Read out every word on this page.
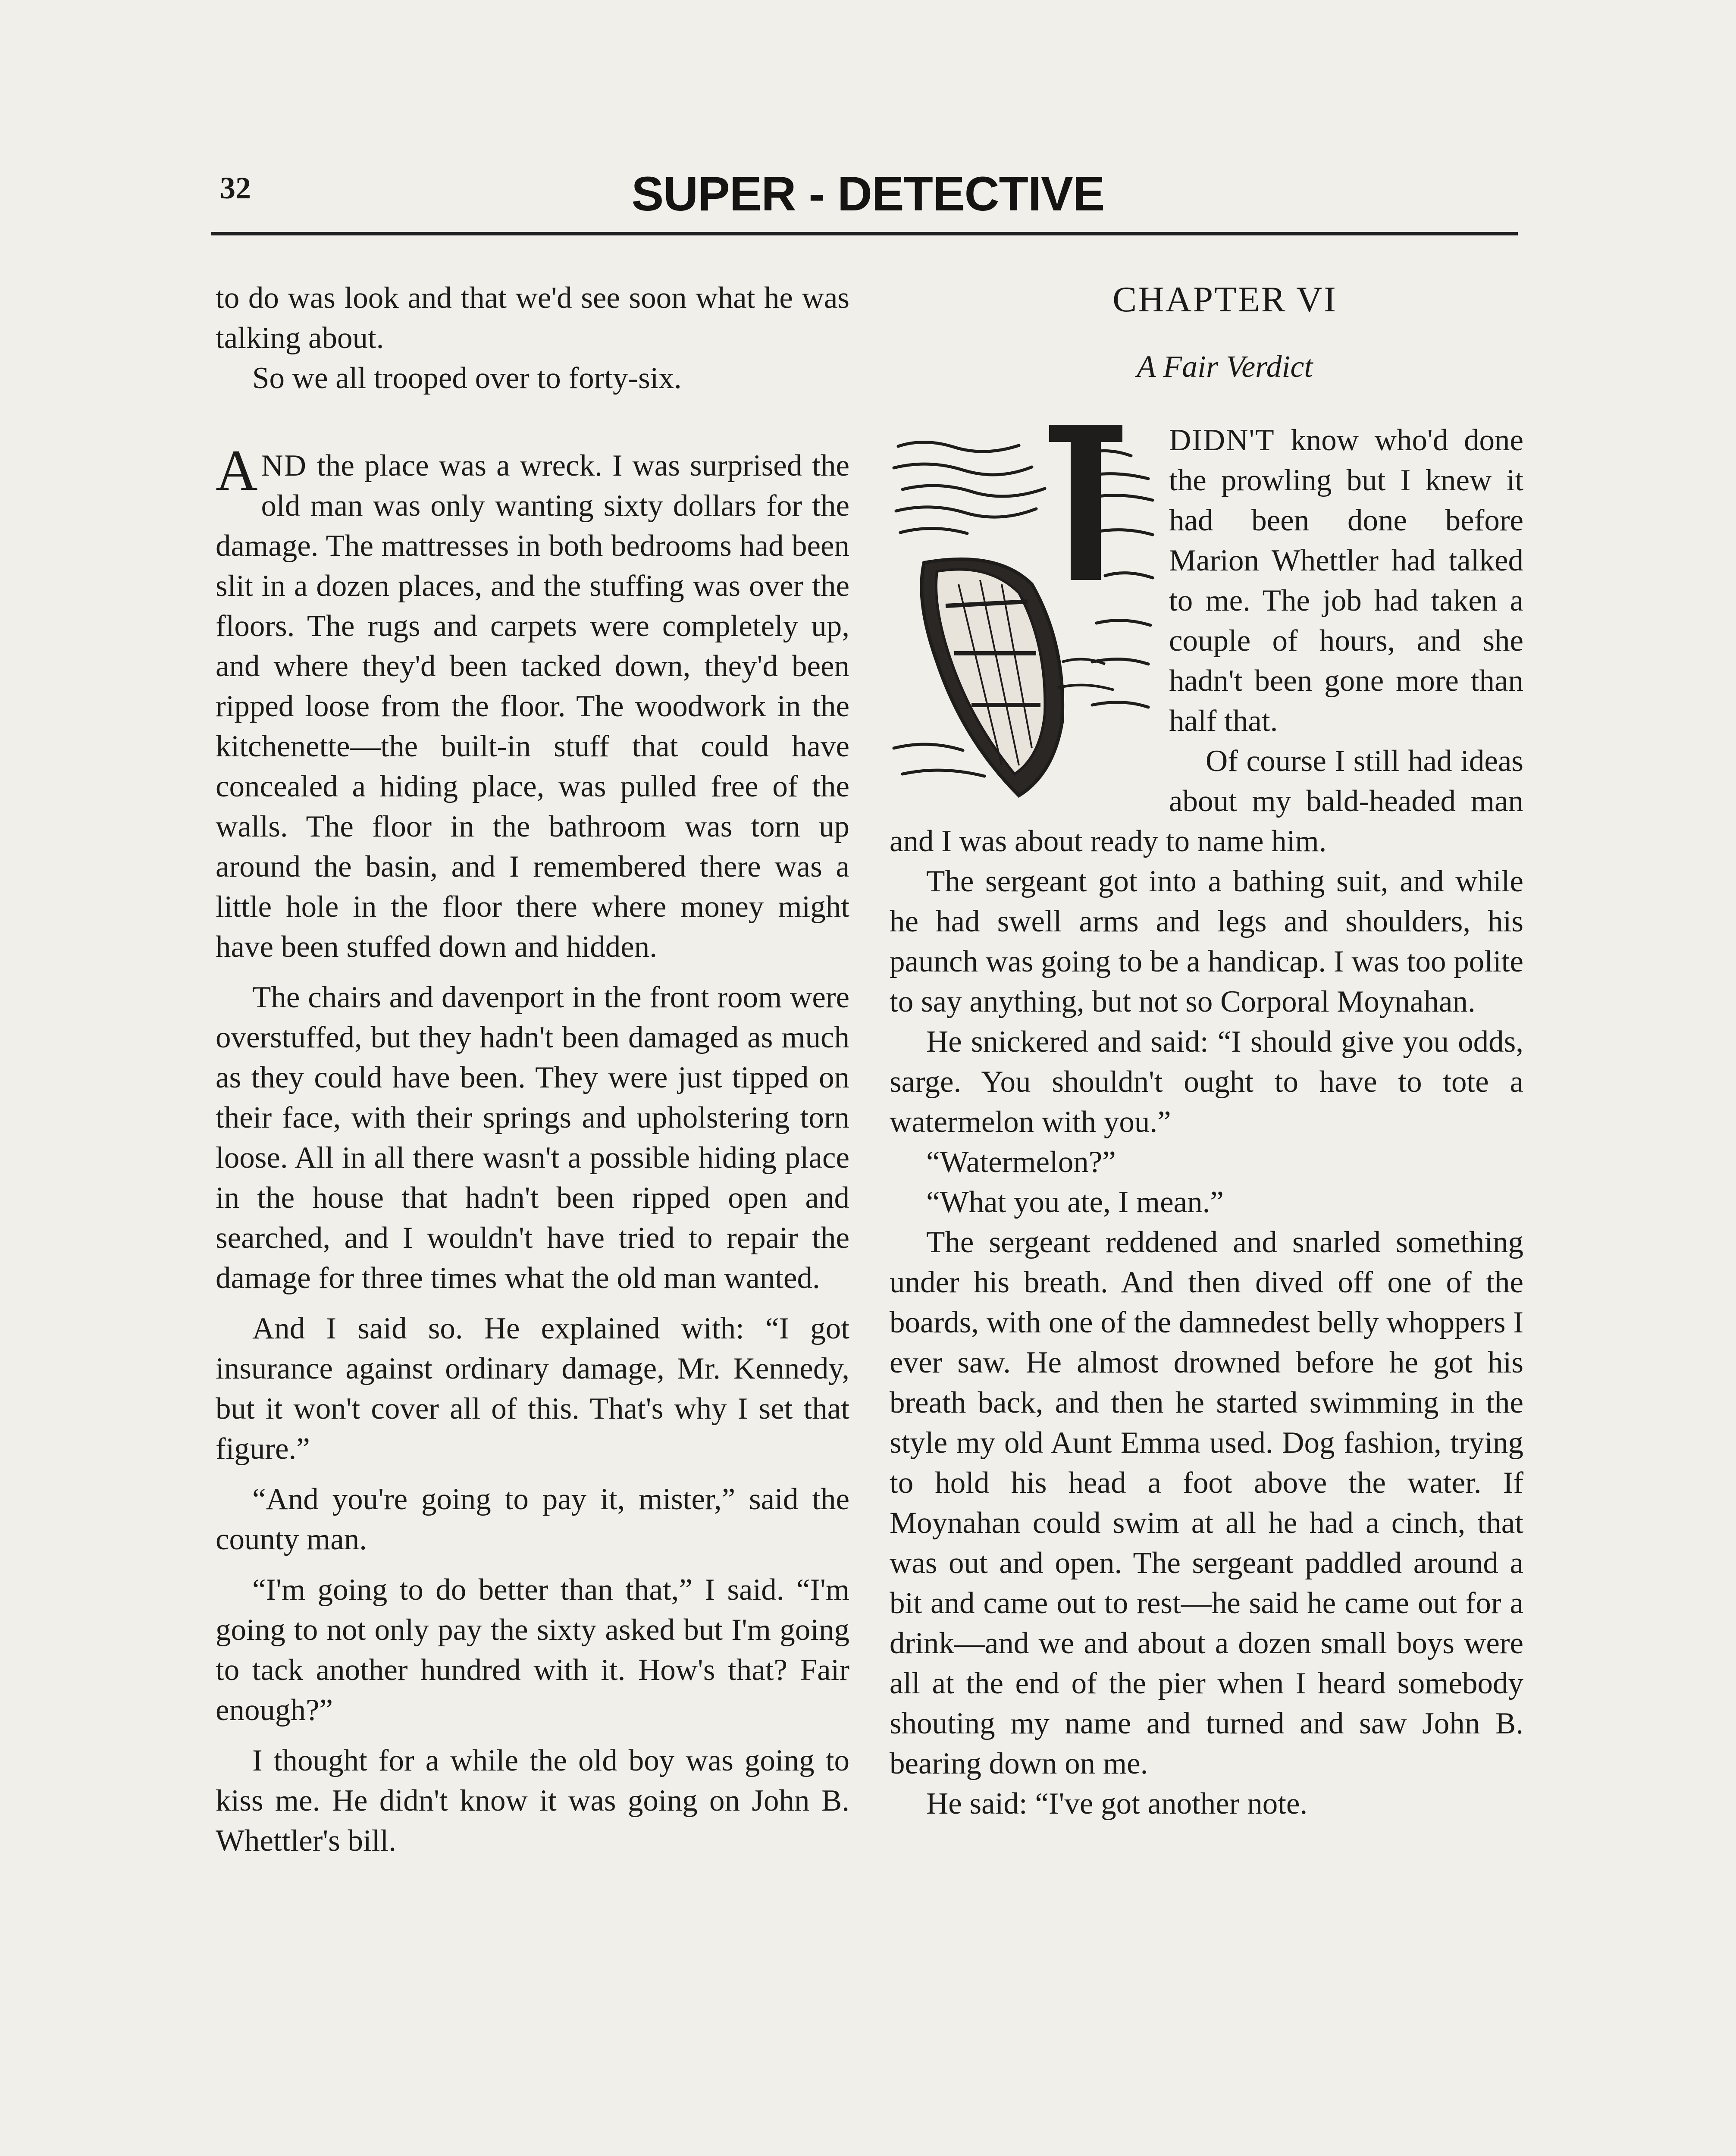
32	SUPER - DETECTIVE

to do was look and that we'd see soon what he was talking about.

So we all trooped over to forty-six.

AND the place was a wreck. I was surprised the old man was only wanting sixty dollars for the damage. The mattresses in both bedrooms had been slit in a dozen places, and the stuffing was over the floors. The rugs and carpets were completely up, and where they'd been tacked down, they'd been ripped loose from the floor. The woodwork in the kitchenette—the built-in stuff that could have concealed a hiding place, was pulled free of the walls. The floor in the bathroom was torn up around the basin, and I remembered there was a little hole in the floor there where money might have been stuffed down and hidden.

The chairs and davenport in the front room were overstuffed, but they hadn't been damaged as much as they could have been. They were just tipped on their face, with their springs and upholstering torn loose. All in all there wasn't a possible hiding place in the house that hadn't been ripped open and searched, and I wouldn't have tried to repair the damage for three times what the old man wanted.

And I said so. He explained with: “I got insurance against ordinary damage, Mr. Kennedy, but it won't cover all of this. That's why I set that figure.”

“And you're going to pay it, mister,” said the county man.

“I'm going to do better than that,” I said. “I'm going to not only pay the sixty asked but I'm going to tack another hundred with it. How's that? Fair enough?”

I thought for a while the old boy was going to kiss me. He didn't know it was going on John B. Whettler's bill.

CHAPTER VI

A Fair Verdict

DIDN'T know who'd done the prowling but I knew it had been done before Marion Whettler had talked to me. The job had taken a couple of hours, and she hadn't been gone more than half that.

Of course I still had ideas about my bald-headed man and I was about ready to name him.

The sergeant got into a bathing suit, and while he had swell arms and legs and shoulders, his paunch was going to be a handicap. I was too polite to say anything, but not so Corporal Moynahan.

He snickered and said: “I should give you odds, sarge. You shouldn't ought to have to tote a watermelon with you.”

“Watermelon?”

“What you ate, I mean.”

The sergeant reddened and snarled something under his breath. And then dived off one of the boards, with one of the damnedest belly whoppers I ever saw. He almost drowned before he got his breath back, and then he started swimming in the style my old Aunt Emma used. Dog fashion, trying to hold his head a foot above the water. If Moynahan could swim at all he had a cinch, that was out and open. The sergeant paddled around a bit and came out to rest—he said he came out for a drink—and we and about a dozen small boys were all at the end of the pier when I heard somebody shouting my name and turned and saw John B. bearing down on me.

He said: “I've got another note.
